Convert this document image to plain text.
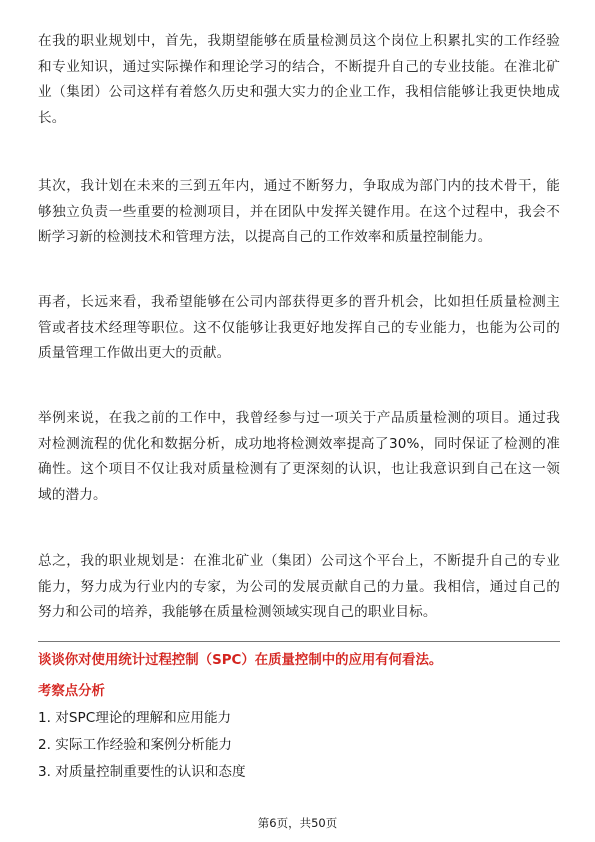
在我的职业规划中，首先，我期望能够在质量检测员这个岗位上积累扎实的工作经验和专业知识，通过实际操作和理论学习的结合，不断提升自己的专业技能。在淮北矿业（集团）公司这样有着悠久历史和强大实力的企业工作，我相信能够让我更快地成长。

其次，我计划在未来的三到五年内，通过不断努力，争取成为部门内的技术骨干，能够独立负责一些重要的检测项目，并在团队中发挥关键作用。在这个过程中，我会不断学习新的检测技术和管理方法，以提高自己的工作效率和质量控制能力。

再者，长远来看，我希望能够在公司内部获得更多的晋升机会，比如担任质量检测主管或者技术经理等职位。这不仅能够让我更好地发挥自己的专业能力，也能为公司的质量管理工作做出更大的贡献。

举例来说，在我之前的工作中，我曾经参与过一项关于产品质量检测的项目。通过我对检测流程的优化和数据分析，成功地将检测效率提高了30%，同时保证了检测的准确性。这个项目不仅让我对质量检测有了更深刻的认识，也让我意识到自己在这一领域的潜力。

总之，我的职业规划是：在淮北矿业（集团）公司这个平台上，不断提升自己的专业能力，努力成为行业内的专家，为公司的发展贡献自己的力量。我相信，通过自己的努力和公司的培养，我能够在质量检测领域实现自己的职业目标。

谈谈你对使用统计过程控制（SPC）在质量控制中的应用有何看法。

考察点分析

1. 对SPC理论的理解和应用能力
2. 实际工作经验和案例分析能力
3. 对质量控制重要性的认识和态度
第6页，共50页
